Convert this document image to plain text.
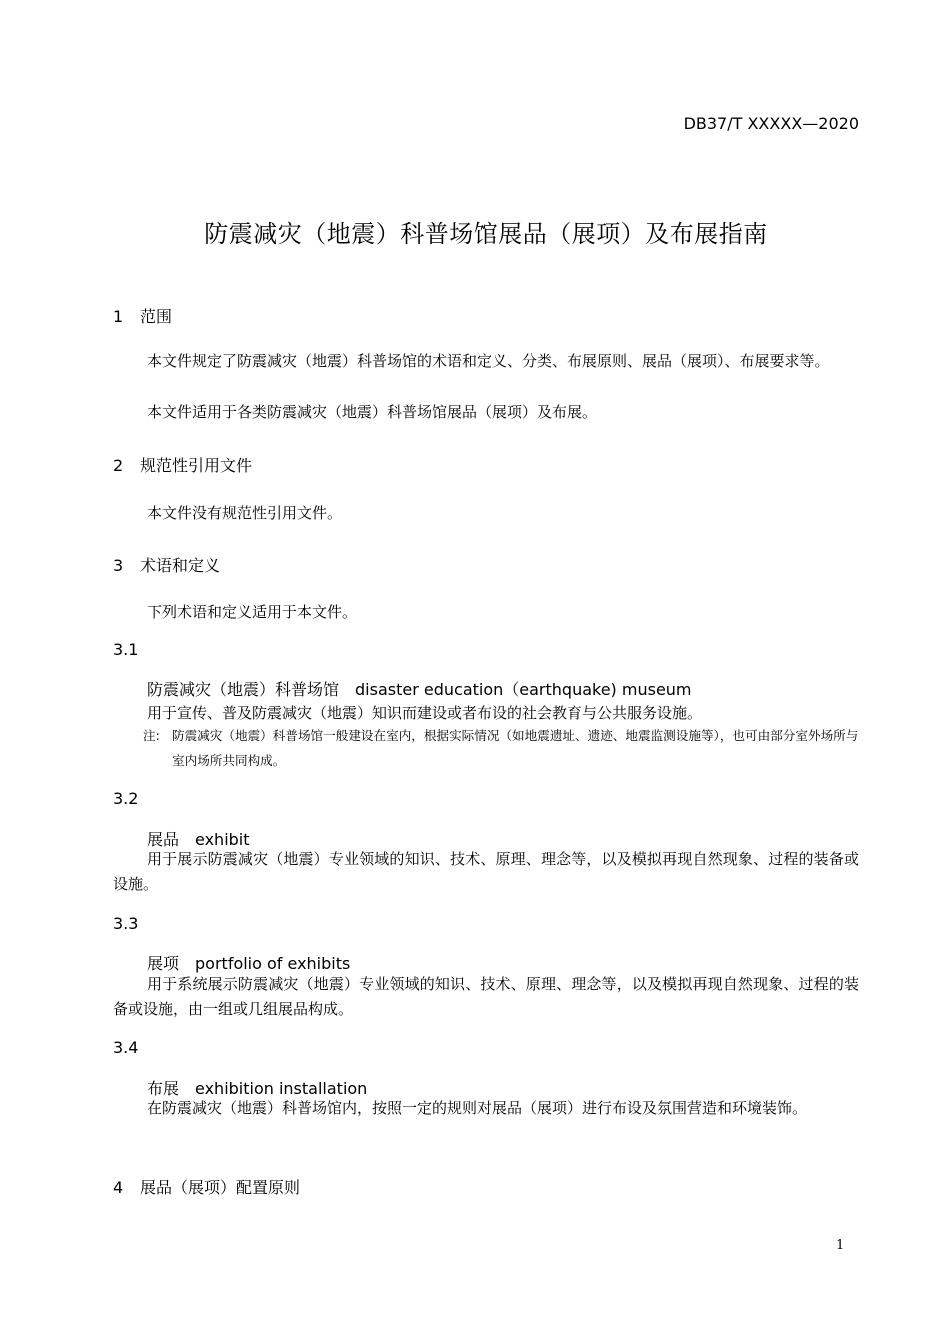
DB37/T XXXXX—2020
防震减灾（地震）科普场馆展品（展项）及布展指南
1 范围
本文件规定了防震减灾（地震）科普场馆的术语和定义、分类、布展原则、展品（展项）、布展要求等。
本文件适用于各类防震减灾（地震）科普场馆展品（展项）及布展。
2 规范性引用文件
本文件没有规范性引用文件。
3 术语和定义
下列术语和定义适用于本文件。
3.1
防震减灾（地震）科普场馆 disaster education（earthquake) museum
用于宣传、普及防震减灾（地震）知识而建设或者布设的社会教育与公共服务设施。
注: 防震减灾（地震）科普场馆一般建设在室内，根据实际情况（如地震遗址、遗迹、地震监测设施等），也可由部分室外场所与室内场所共同构成。
3.2
展品 exhibit
用于展示防震减灾（地震）专业领域的知识、技术、原理、理念等，以及模拟再现自然现象、过程的装备或设施。
3.3
展项 portfolio of exhibits
用于系统展示防震减灾（地震）专业领域的知识、技术、原理、理念等，以及模拟再现自然现象、过程的装备或设施，由一组或几组展品构成。
3.4
布展 exhibition installation
在防震减灾（地震）科普场馆内，按照一定的规则对展品（展项）进行布设及氛围营造和环境装饰。
4 展品（展项）配置原则
1
